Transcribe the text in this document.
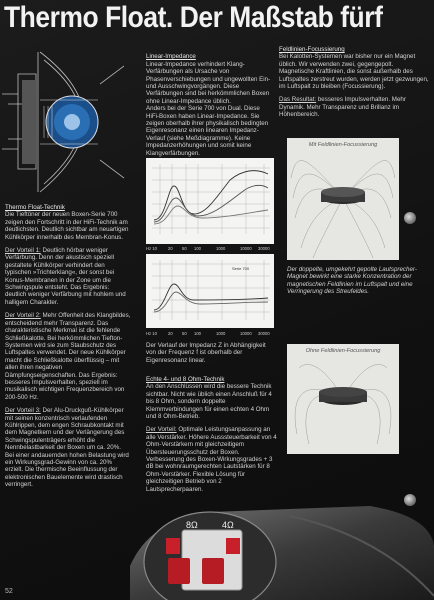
Thermo Float. Der Maßstab fürf

Thermo Float-Technik
Die Tieftöner der neuen Boxen-Serie 700 zeigen den Fortschritt in der HiFi-Technik am deutlichsten. Deutlich sichtbar am neuartigen Kühlkörper innerhalb des Membran-Konus.

Der Vorteil 1: Deutlich hörbar weniger Verfärbung. Denn der akustisch speziell gestaltete Kühlkörper verhindert den typischen »Trichterklang«, der sonst bei Konus-Membranen in der Zone um die Schwingspule entsteht. Das Ergebnis: deutlich weniger Verfärbung mit hohlem und halligem Charakter.

Der Vorteil 2: Mehr Offenheit des Klangbildes, entscheidend mehr Transparenz. Das charakteristische Merkmal ist die fehlende Schließkalotte. Bei herkömmlichen Tiefton-Systemen wird sie zum Staubschutz des Luftspaltes verwendet. Der neue Kühlkörper macht die Schließkalotte überflüssig – mit allen ihren negativen Dämpfungseigenschaften. Das Ergebnis: besseres Impulsverhalten, speziell im musikalisch wichtigen Frequenzbereich von 200-500 Hz.

Der Vorteil 3: Der Alu-Druckguß-Kühlkörper mit seinen konzentrisch verlaufenden Kühlrippen, dem engen Schraubkontakt mit dem Magnetkern und der Verlängerung des Schwingspulenträgers erhöht die Nennbelastbarkeit der Boxen um ca. 20%. Bei einer andauernden hohen Belastung wird ein Wirkungsgrad-Gewinn von ca. 20% erzielt. Die thermische Beeinflussung der elektronischen Bauelemente wird drastisch verringert.

Linear-Impedance
Linear-Impedance verhindert Klang-Verfärbungen als Ursache von Phasenverschiebungen und ungewollten Ein- und Ausschwingvorgängen. Diese Verfärbungen sind bei herkömmlichen Boxen ohne Linear-Impedance üblich.
Anders bei der Serie 700 von Dual. Diese HiFi-Boxen haben Linear-Impedance. Sie zeigen oberhalb ihrer physikalisch bedingten Eigenresonanz einen linearen Impedanz-Verlauf (siehe Meßdiagramme). Keine Impedanzerhöhungen und somit keine Klangverfärbungen.

Hz 10	20 50 100	1000	10000 30000
Serie 700
Hz 10	20 50 100	1000	10000 30000
Der Verlauf der Impedanz Z in Abhängigkeit von der Frequenz f ist oberhalb der Eigenresonanz linear.

Echte 4- und 8 Ohm-Technik
An den Anschlüssen wird die bessere Technik sichtbar. Nicht wie üblich einen Anschluß für 4 bis 8 Ohm, sondern doppelte Klemmverbindungen für einen echten 4 Ohm und 8 Ohm-Betrieb.

Der Vorteil: Optimale Leistungsanpassung an alle Verstärker. Höhere Ausssteuerbarkeit von 4 Ohm-Verstärkern mit gleichzeitigem Übersteuerungsschutz der Boxen. Verbesserung des Boxen-Wirkungsgrades + 3 dB bei wohnraumgerechten Lautstärken für 8 Ohm-Verstärker. Flexible Lösung für gleichzeitigen Betrieb von 2 Lautsprecherpaaren.

Feldlinien-Focussierung
Bei Kalotten-Systemen war bisher nur ein Magnet üblich. Wir verwenden zwei, gegengepolt. Magnetische Kraftlinien, die sonst außerhalb des Luftspaltes zerstreut wurden, werden jetzt gezwungen, im Luftspalt zu bleiben (Focussierung).

Das Resultat: besseres Impulsverhalten. Mehr Dynamik. Mehr Transparenz und Brillanz im Höhenbereich.

Mit Feldlinien-Focussierung
Der doppelte, umgekehrt gepolte Lautsprecher-Magnet bewirkt eine starke Konzentration der magnetischen Feldlinien im Luftspalt und eine Verringerung des Streufeldes.
Ohne Feldlinien-Focussierung
8Ω	4Ω
52
